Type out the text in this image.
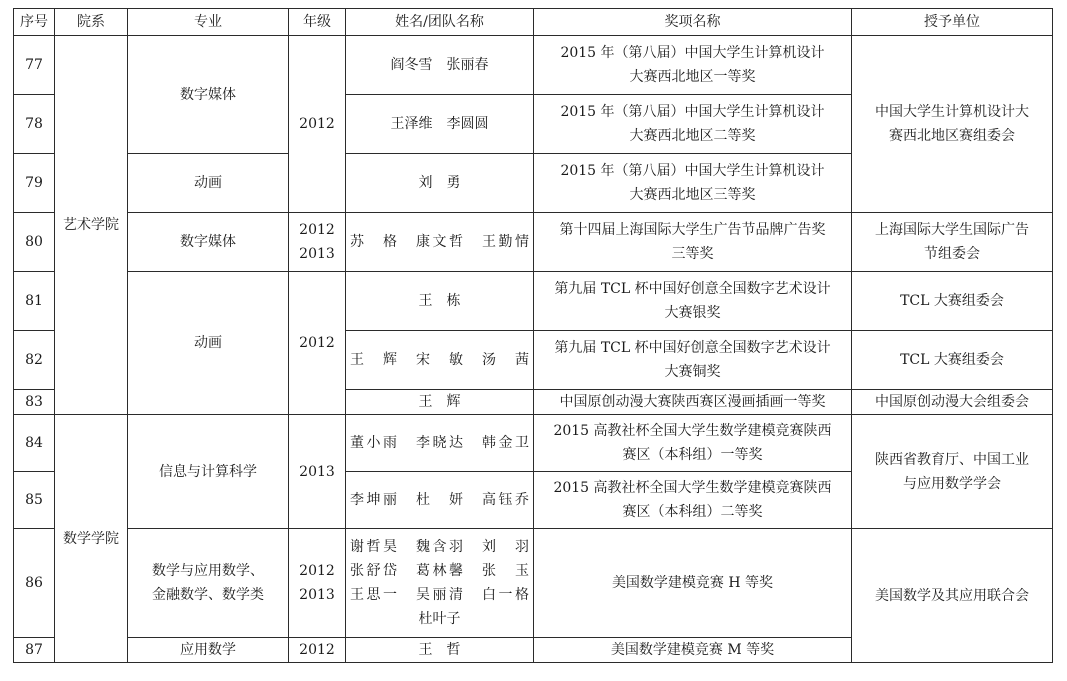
序号	院系	专业	年级	姓名/团队名称	奖项名称	授予单位
77	艺术学院	数字媒体	2012	阎冬雪　张丽春	2015 年（第八届）中国大学生计算机设计
大赛西北地区一等奖	中国大学生计算机设计大
赛西北地区赛组委会

78				王泽维　李圆圆	2015 年（第八届）中国大学生计算机设计
大赛西北地区二等奖	

79		动画		刘　勇	2015 年（第八届）中国大学生计算机设计
大赛西北地区三等奖	

80		数字媒体	2012
2013	苏　格　康文哲　王勤情	第十四届上海国际大学生广告节品牌广告奖
三等奖	上海国际大学生国际广告
节组委会

81		动画	2012	王　栋	第九届 TCL 杯中国好创意全国数字艺术设计
大赛银奖	TCL 大赛组委会
82				王　辉　宋　敏　汤　茜	第九届 TCL 杯中国好创意全国数字艺术设计
大赛铜奖	TCL 大赛组委会
83				王　辉	中国原创动漫大赛陕西赛区漫画插画一等奖	中国原创动漫大会组委会
84	数学学院	信息与计算科学	2013	董小雨　李晓达　韩金卫	2015 高教社杯全国大学生数学建模竞赛陕西
赛区（本科组）一等奖	陕西省教育厅、中国工业
与应用数学学会

85				李坤丽　杜　妍　高钰乔	2015 高教社杯全国大学生数学建模竞赛陕西
赛区（本科组）二等奖	

86		数学与应用数学、
金融数学、数学类	2012
2013	谢哲昊　魏含羽　刘　羽
张舒岱　葛林馨　张　玉
王思一　吴丽清　白一格
杜叶子	美国数学建模竞赛 H 等奖	美国数学及其应用联合会
87		应用数学	2012	王　哲	美国数学建模竞赛 M 等奖	
